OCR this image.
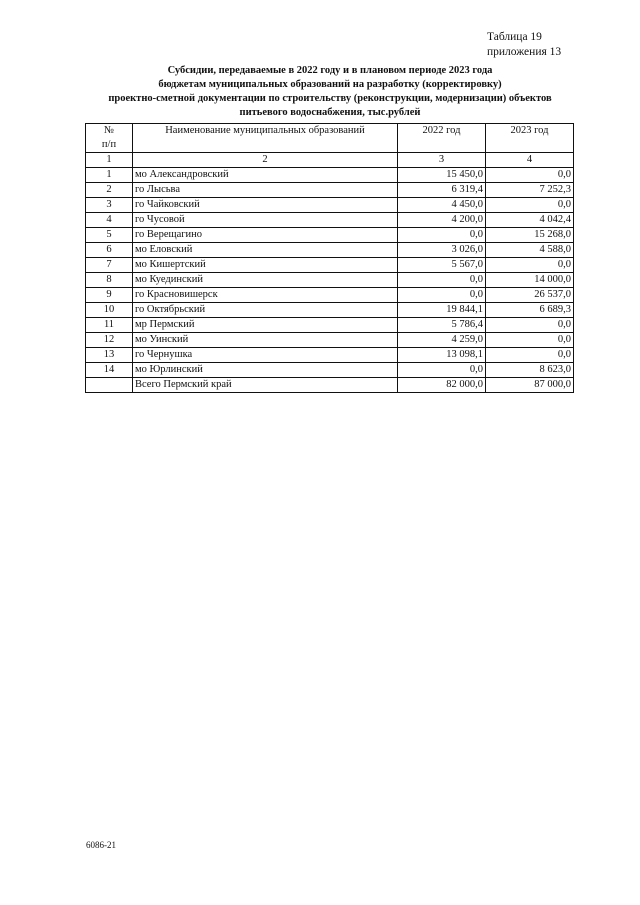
Таблица 19
приложения 13
Субсидии, передаваемые в 2022 году и в плановом периоде 2023 года
бюджетам муниципальных образований на разработку (корректировку)
проектно-сметной документации по строительству (реконструкции, модернизации) объектов
питьевого водоснабжения, тыс.рублей
№
п/п	Наименование муниципальных образований	2022 год	2023 год
1	2	3	4
1	мо Александровский	15 450,0	0,0
2	го Лысьва	6 319,4	7 252,3
3	го Чайковский	4 450,0	0,0
4	го Чусовой	4 200,0	4 042,4
5	го Верещагино	0,0	15 268,0
6	мо Еловский	3 026,0	4 588,0
7	мо Кишертский	5 567,0	0,0
8	мо Куединский	0,0	14 000,0
9	го Красновишерск	0,0	26 537,0
10	го Октябрьский	19 844,1	6 689,3
11	мр Пермский	5 786,4	0,0
12	мо Уинский	4 259,0	0,0
13	го Чернушка	13 098,1	0,0
14	мо Юрлинский	0,0	8 623,0
	Всего Пермский край	82 000,0	87 000,0
6086-21
